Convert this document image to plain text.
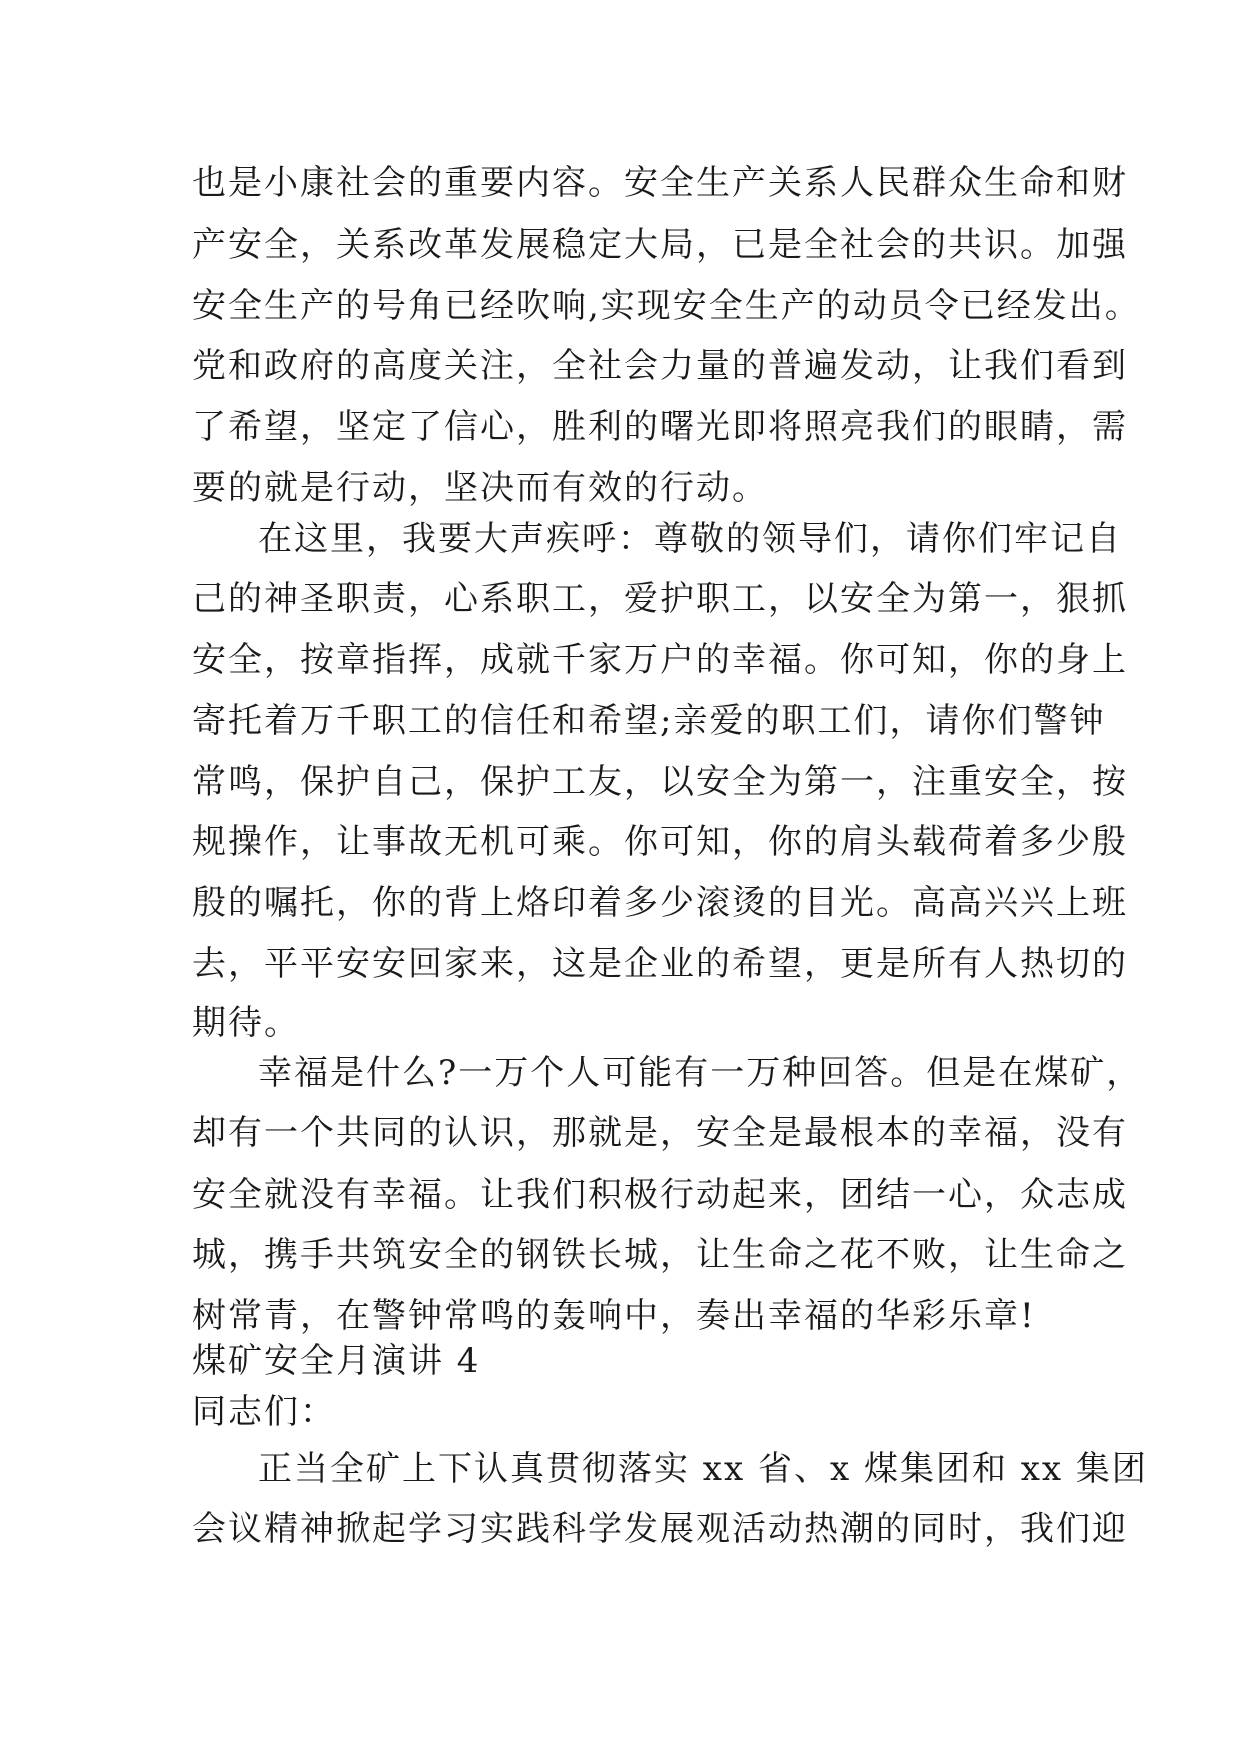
也是小康社会的重要内容。安全生产关系人民群众生命和财
产安全，关系改革发展稳定大局，已是全社会的共识。加强
安全生产的号角已经吹响,实现安全生产的动员令已经发出。
党和政府的高度关注，全社会力量的普遍发动，让我们看到
了希望，坚定了信心，胜利的曙光即将照亮我们的眼睛，需
要的就是行动，坚决而有效的行动。
在这里，我要大声疾呼：尊敬的领导们，请你们牢记自
己的神圣职责，心系职工，爱护职工，以安全为第一，狠抓
安全，按章指挥，成就千家万户的幸福。你可知，你的身上
寄托着万千职工的信任和希望;亲爱的职工们，请你们警钟
常鸣，保护自己，保护工友，以安全为第一，注重安全，按
规操作，让事故无机可乘。你可知，你的肩头载荷着多少殷
殷的嘱托，你的背上烙印着多少滚烫的目光。高高兴兴上班
去，平平安安回家来，这是企业的希望，更是所有人热切的
期待。
幸福是什么?一万个人可能有一万种回答。但是在煤矿，
却有一个共同的认识，那就是，安全是最根本的幸福，没有
安全就没有幸福。让我们积极行动起来，团结一心，众志成
城，携手共筑安全的钢铁长城，让生命之花不败，让生命之
树常青，在警钟常鸣的轰响中，奏出幸福的华彩乐章!
煤矿安全月演讲 4
同志们：
正当全矿上下认真贯彻落实 xx 省、x 煤集团和 xx 集团
会议精神掀起学习实践科学发展观活动热潮的同时，我们迎
